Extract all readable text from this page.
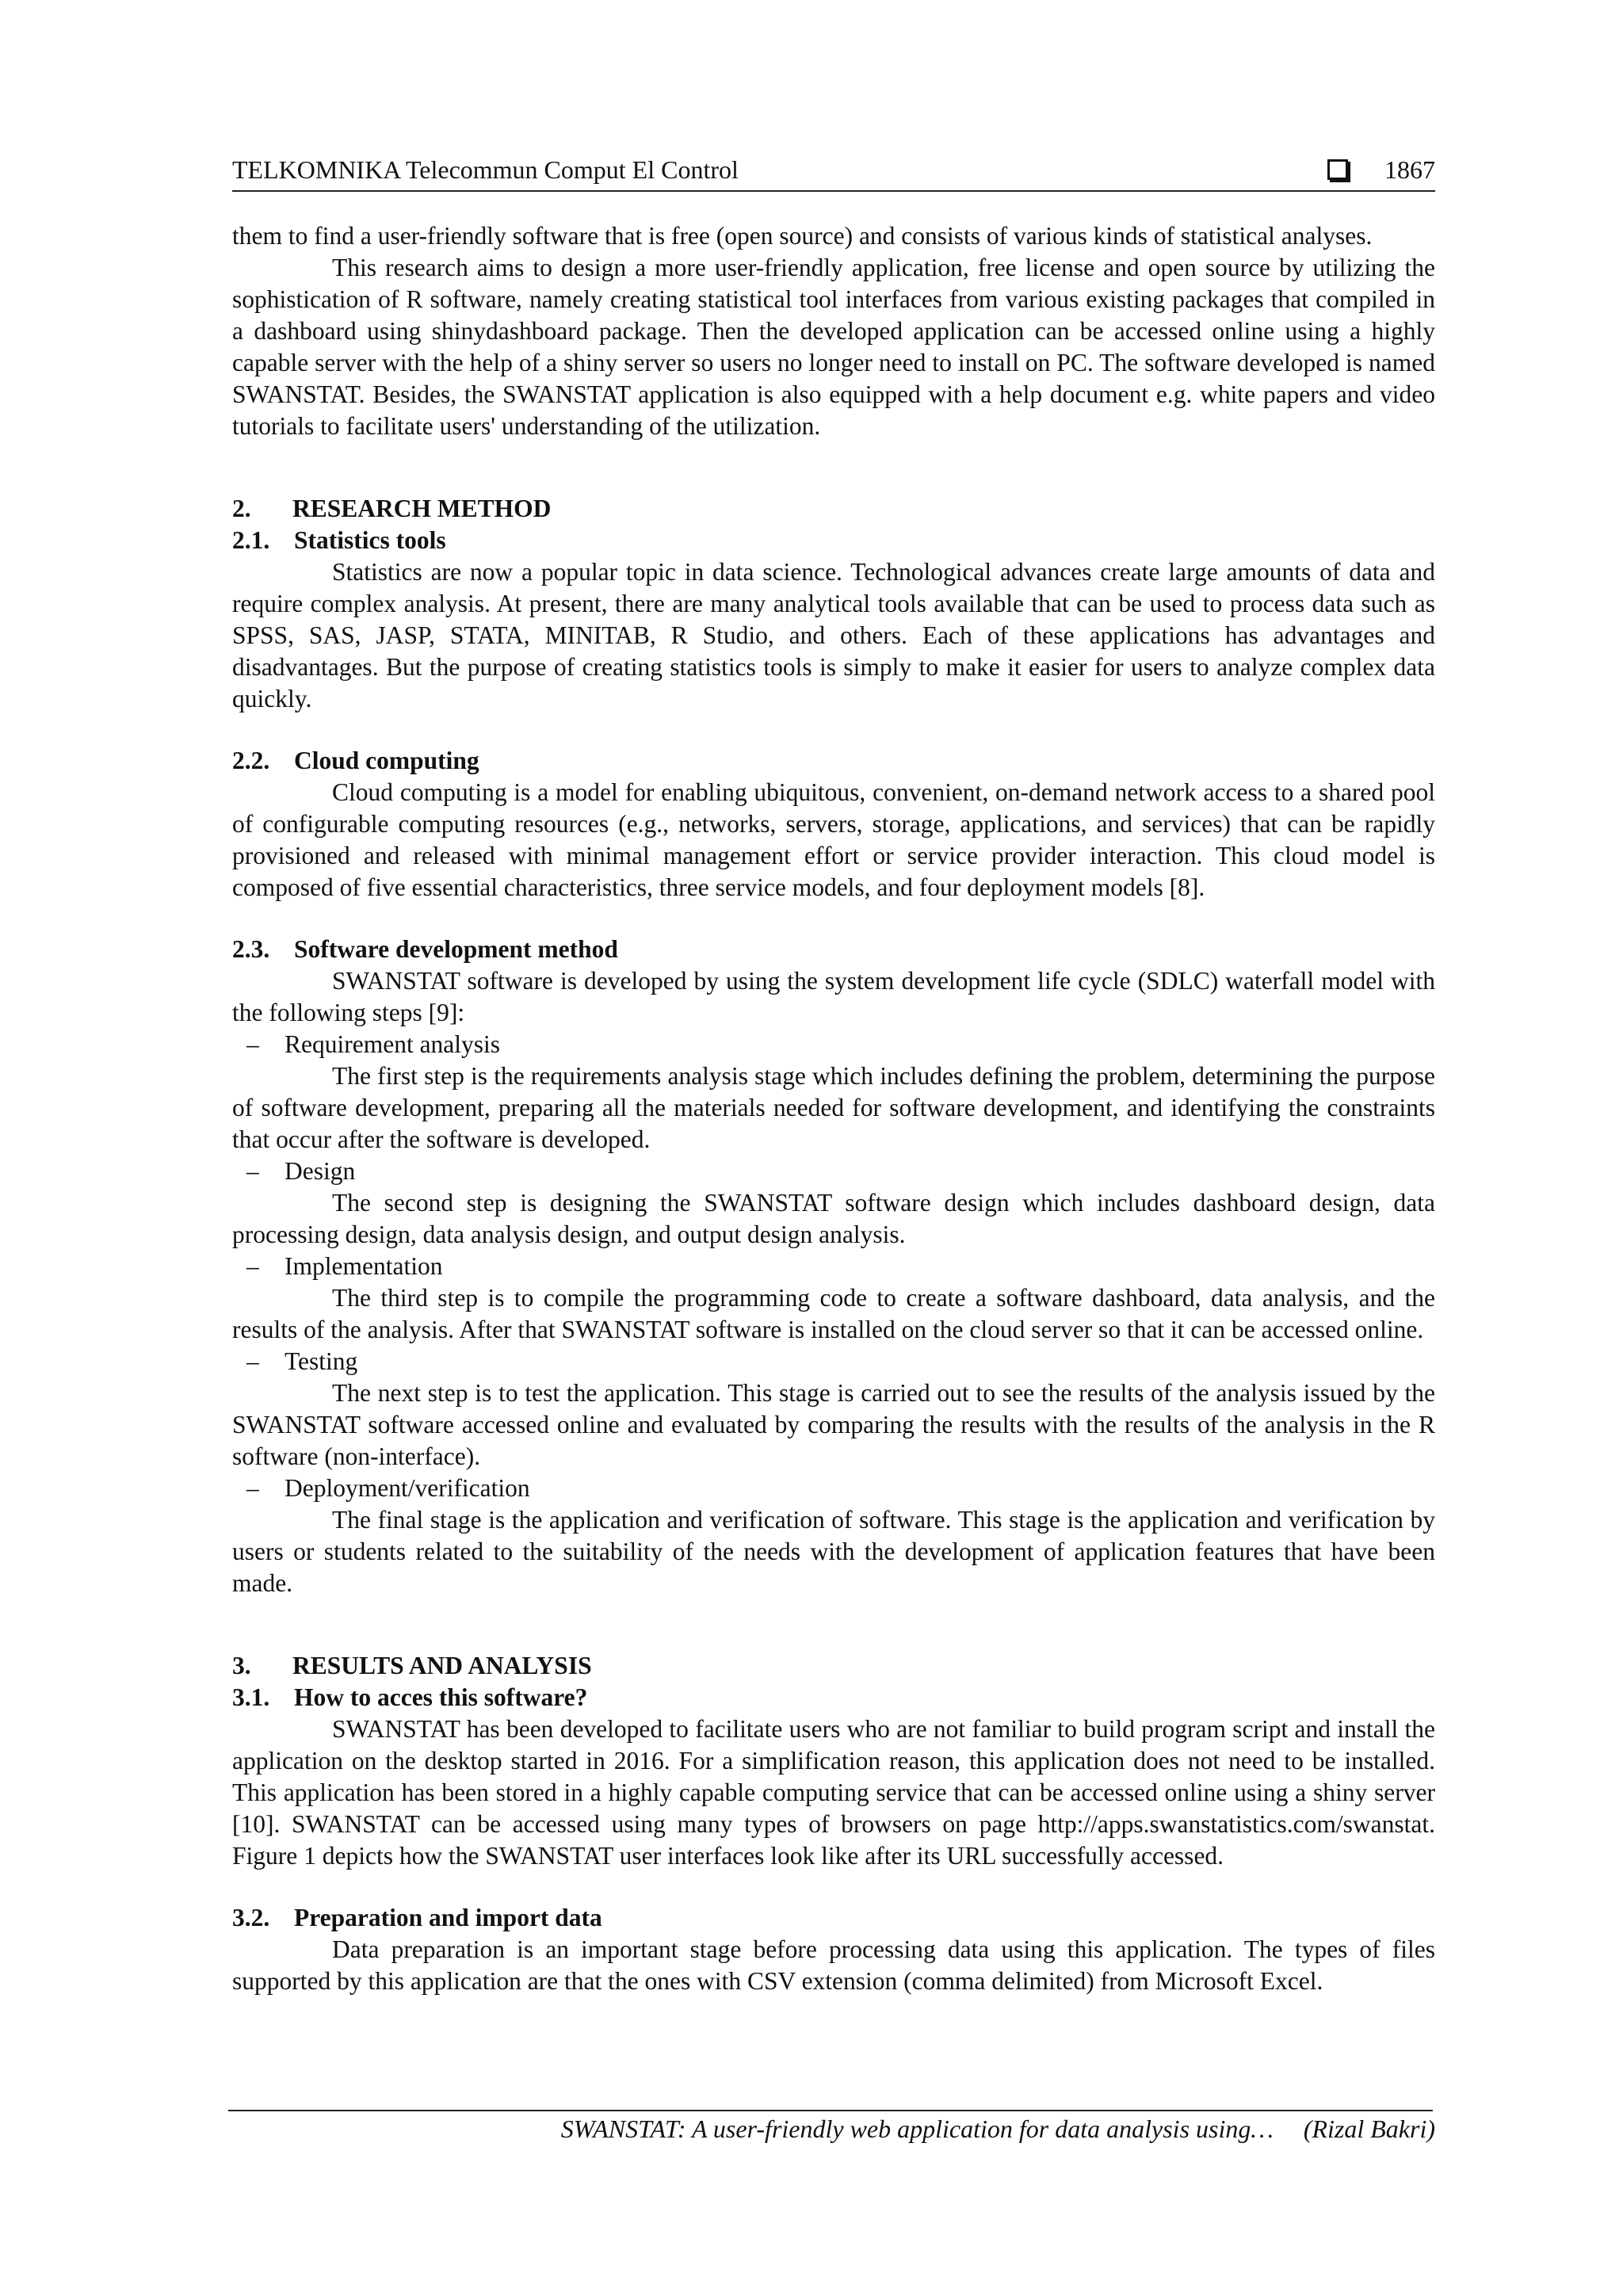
TELKOMNIKA Telecommun Comput El Control	1867

them to find a user-friendly software that is free (open source) and consists of various kinds of statistical analyses.

This research aims to design a more user-friendly application, free license and open source by utilizing the sophistication of R software, namely creating statistical tool interfaces from various existing packages that compiled in a dashboard using shinydashboard package. Then the developed application can be accessed online using a highly capable server with the help of a shiny server so users no longer need to install on PC. The software developed is named SWANSTAT. Besides, the SWANSTAT application is also equipped with a help document e.g. white papers and video tutorials to facilitate users' understanding of the utilization.

2. RESEARCH METHOD

2.1. Statistics tools

Statistics are now a popular topic in data science. Technological advances create large amounts of data and require complex analysis. At present, there are many analytical tools available that can be used to process data such as SPSS, SAS, JASP, STATA, MINITAB, R Studio, and others. Each of these applications has advantages and disadvantages. But the purpose of creating statistics tools is simply to make it easier for users to analyze complex data quickly.

2.2. Cloud computing

Cloud computing is a model for enabling ubiquitous, convenient, on-demand network access to a shared pool of configurable computing resources (e.g., networks, servers, storage, applications, and services) that can be rapidly provisioned and released with minimal management effort or service provider interaction. This cloud model is composed of five essential characteristics, three service models, and four deployment models [8].

2.3. Software development method

SWANSTAT software is developed by using the system development life cycle (SDLC) waterfall model with the following steps [9]:

– Requirement analysis

The first step is the requirements analysis stage which includes defining the problem, determining the purpose of software development, preparing all the materials needed for software development, and identifying the constraints that occur after the software is developed.

– Design

The second step is designing the SWANSTAT software design which includes dashboard design, data processing design, data analysis design, and output design analysis.

– Implementation

The third step is to compile the programming code to create a software dashboard, data analysis, and the results of the analysis. After that SWANSTAT software is installed on the cloud server so that it can be accessed online.

– Testing

The next step is to test the application. This stage is carried out to see the results of the analysis issued by the SWANSTAT software accessed online and evaluated by comparing the results with the results of the analysis in the R software (non-interface).

– Deployment/verification

The final stage is the application and verification of software. This stage is the application and verification by users or students related to the suitability of the needs with the development of application features that have been made.

3. RESULTS AND ANALYSIS

3.1. How to acces this software?

SWANSTAT has been developed to facilitate users who are not familiar to build program script and install the application on the desktop started in 2016. For a simplification reason, this application does not need to be installed. This application has been stored in a highly capable computing service that can be accessed online using a shiny server [10]. SWANSTAT can be accessed using many types of browsers on page http://apps.swanstatistics.com/swanstat. Figure 1 depicts how the SWANSTAT user interfaces look like after its URL successfully accessed.

3.2. Preparation and import data

Data preparation is an important stage before processing data using this application. The types of files supported by this application are that the ones with CSV extension (comma delimited) from Microsoft Excel.

SWANSTAT: A user-friendly web application for data analysis using… (Rizal Bakri)
